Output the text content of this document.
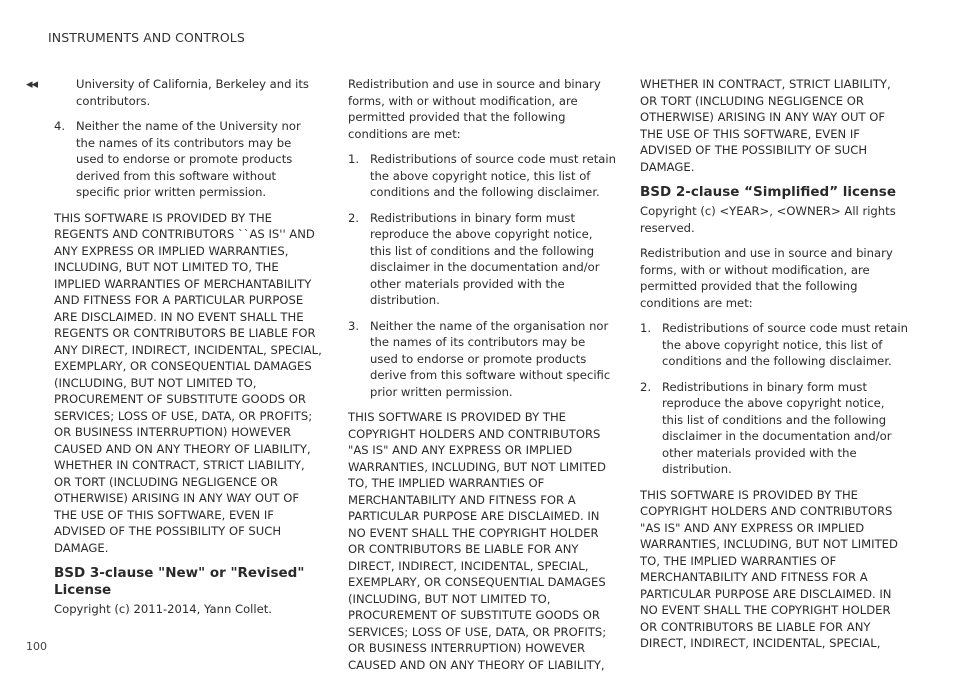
INSTRUMENTS AND CONTROLS
◂◂	University of California, Berkeley and its contributors.
4. Neither the name of the University nor the names of its contributors may be used to endorse or promote products derived from this software without specific prior written permission.

THIS SOFTWARE IS PROVIDED BY THE REGENTS AND CONTRIBUTORS ``AS IS'' AND ANY EXPRESS OR IMPLIED WARRANTIES, INCLUDING, BUT NOT LIMITED TO, THE IMPLIED WARRANTIES OF MERCHANTABILITY AND FITNESS FOR A PARTICULAR PURPOSE ARE DISCLAIMED. IN NO EVENT SHALL THE REGENTS OR CONTRIBUTORS BE LIABLE FOR ANY DIRECT, INDIRECT, INCIDENTAL, SPECIAL, EXEMPLARY, OR CONSEQUENTIAL DAMAGES (INCLUDING, BUT NOT LIMITED TO, PROCUREMENT OF SUBSTITUTE GOODS OR SERVICES; LOSS OF USE, DATA, OR PROFITS; OR BUSINESS INTERRUPTION) HOWEVER CAUSED AND ON ANY THEORY OF LIABILITY, WHETHER IN CONTRACT, STRICT LIABILITY, OR TORT (INCLUDING NEGLIGENCE OR OTHERWISE) ARISING IN ANY WAY OUT OF THE USE OF THIS SOFTWARE, EVEN IF ADVISED OF THE POSSIBILITY OF SUCH DAMAGE.

BSD 3-clause "New" or "Revised" License

Copyright (c) 2011-2014, Yann Collet.

Redistribution and use in source and binary forms, with or without modification, are permitted provided that the following conditions are met:

1. Redistributions of source code must retain the above copyright notice, this list of conditions and the following disclaimer.
2. Redistributions in binary form must reproduce the above copyright notice, this list of conditions and the following disclaimer in the documentation and/or other materials provided with the distribution.
3. Neither the name of the organisation nor the names of its contributors may be used to endorse or promote products derive from this software without specific prior written permission.

THIS SOFTWARE IS PROVIDED BY THE COPYRIGHT HOLDERS AND CONTRIBUTORS "AS IS" AND ANY EXPRESS OR IMPLIED WARRANTIES, INCLUDING, BUT NOT LIMITED TO, THE IMPLIED WARRANTIES OF MERCHANTABILITY AND FITNESS FOR A PARTICULAR PURPOSE ARE DISCLAIMED. IN NO EVENT SHALL THE COPYRIGHT HOLDER OR CONTRIBUTORS BE LIABLE FOR ANY DIRECT, INDIRECT, INCIDENTAL, SPECIAL, EXEMPLARY, OR CONSEQUENTIAL DAMAGES (INCLUDING, BUT NOT LIMITED TO, PROCUREMENT OF SUBSTITUTE GOODS OR SERVICES; LOSS OF USE, DATA, OR PROFITS; OR BUSINESS INTERRUPTION) HOWEVER CAUSED AND ON ANY THEORY OF LIABILITY,

WHETHER IN CONTRACT, STRICT LIABILITY, OR TORT (INCLUDING NEGLIGENCE OR OTHERWISE) ARISING IN ANY WAY OUT OF THE USE OF THIS SOFTWARE, EVEN IF ADVISED OF THE POSSIBILITY OF SUCH DAMAGE.

BSD 2-clause “Simplified” license

Copyright (c) <YEAR>, <OWNER> All rights reserved.

Redistribution and use in source and binary forms, with or without modification, are permitted provided that the following conditions are met:

1. Redistributions of source code must retain the above copyright notice, this list of conditions and the following disclaimer.
2. Redistributions in binary form must reproduce the above copyright notice, this list of conditions and the following disclaimer in the documentation and/or other materials provided with the distribution.

THIS SOFTWARE IS PROVIDED BY THE COPYRIGHT HOLDERS AND CONTRIBUTORS "AS IS" AND ANY EXPRESS OR IMPLIED WARRANTIES, INCLUDING, BUT NOT LIMITED TO, THE IMPLIED WARRANTIES OF MERCHANTABILITY AND FITNESS FOR A PARTICULAR PURPOSE ARE DISCLAIMED. IN NO EVENT SHALL THE COPYRIGHT HOLDER OR CONTRIBUTORS BE LIABLE FOR ANY DIRECT, INDIRECT, INCIDENTAL, SPECIAL,

100
